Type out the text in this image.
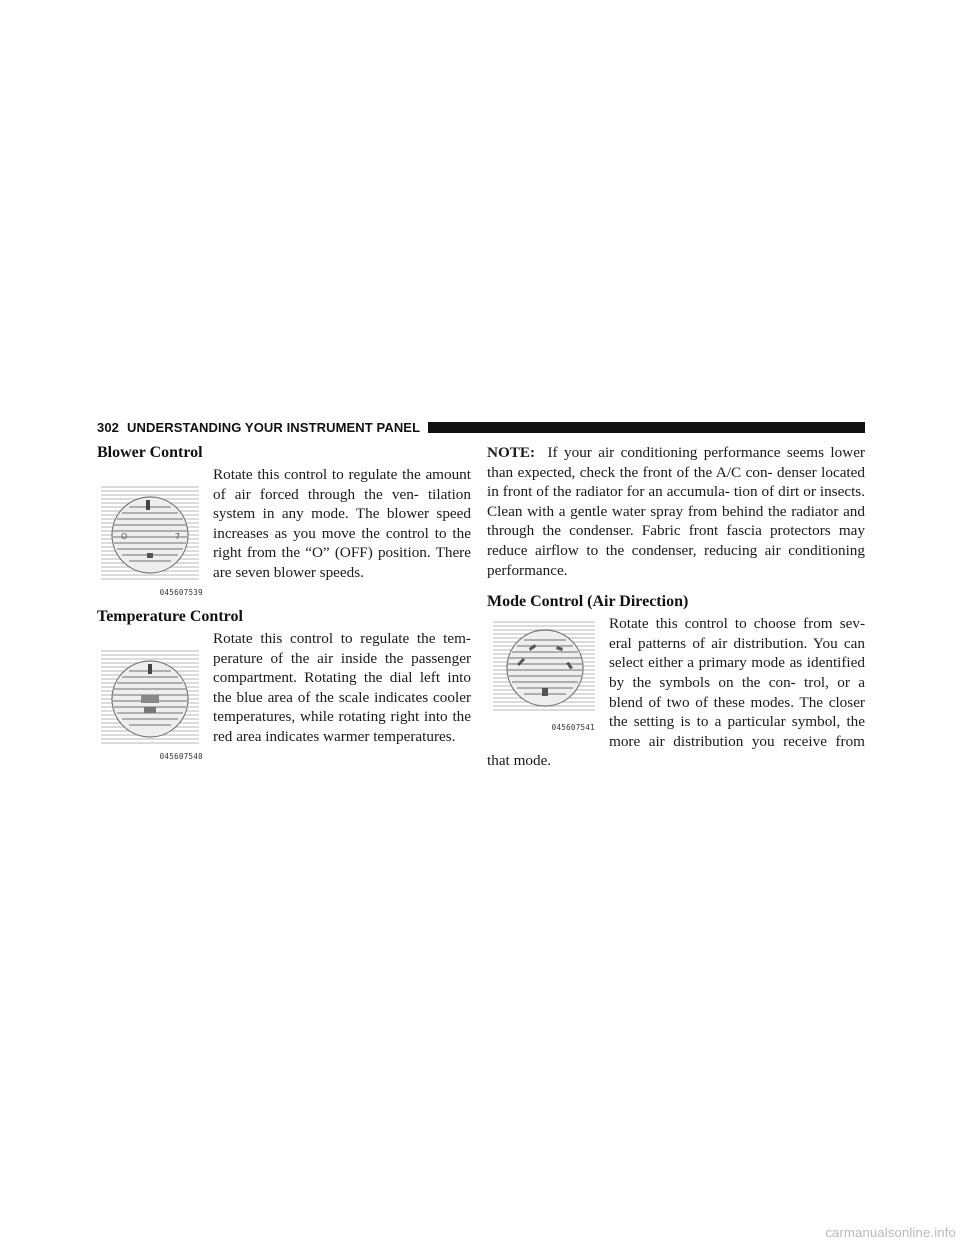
302 UNDERSTANDING YOUR INSTRUMENT PANEL
Blower Control
O	7
045607539

Rotate this control to regulate the amount of air forced through the ven- tilation system in any mode. The blower speed increases as you move the control to the right from the “O” (OFF) position. There are seven blower speeds.

Temperature Control
045607540

Rotate this control to regulate the tem- perature of the air inside the passenger compartment. Rotating the dial left into the blue area of the scale indicates cooler temperatures, while rotating right into the red area indicates warmer temperatures.

NOTE: If your air conditioning performance seems lower than expected, check the front of the A/C con- denser located in front of the radiator for an accumula- tion of dirt or insects. Clean with a gentle water spray from behind the radiator and through the condenser. Fabric front fascia protectors may reduce airflow to the condenser, reducing air conditioning performance.

Mode Control (Air Direction)
045607541

Rotate this control to choose from sev- eral patterns of air distribution. You can select either a primary mode as identified by the symbols on the con- trol, or a blend of two of these modes. The closer the setting is to a particular symbol, the more air distribution you receive from that mode.

carmanualsonline.info
